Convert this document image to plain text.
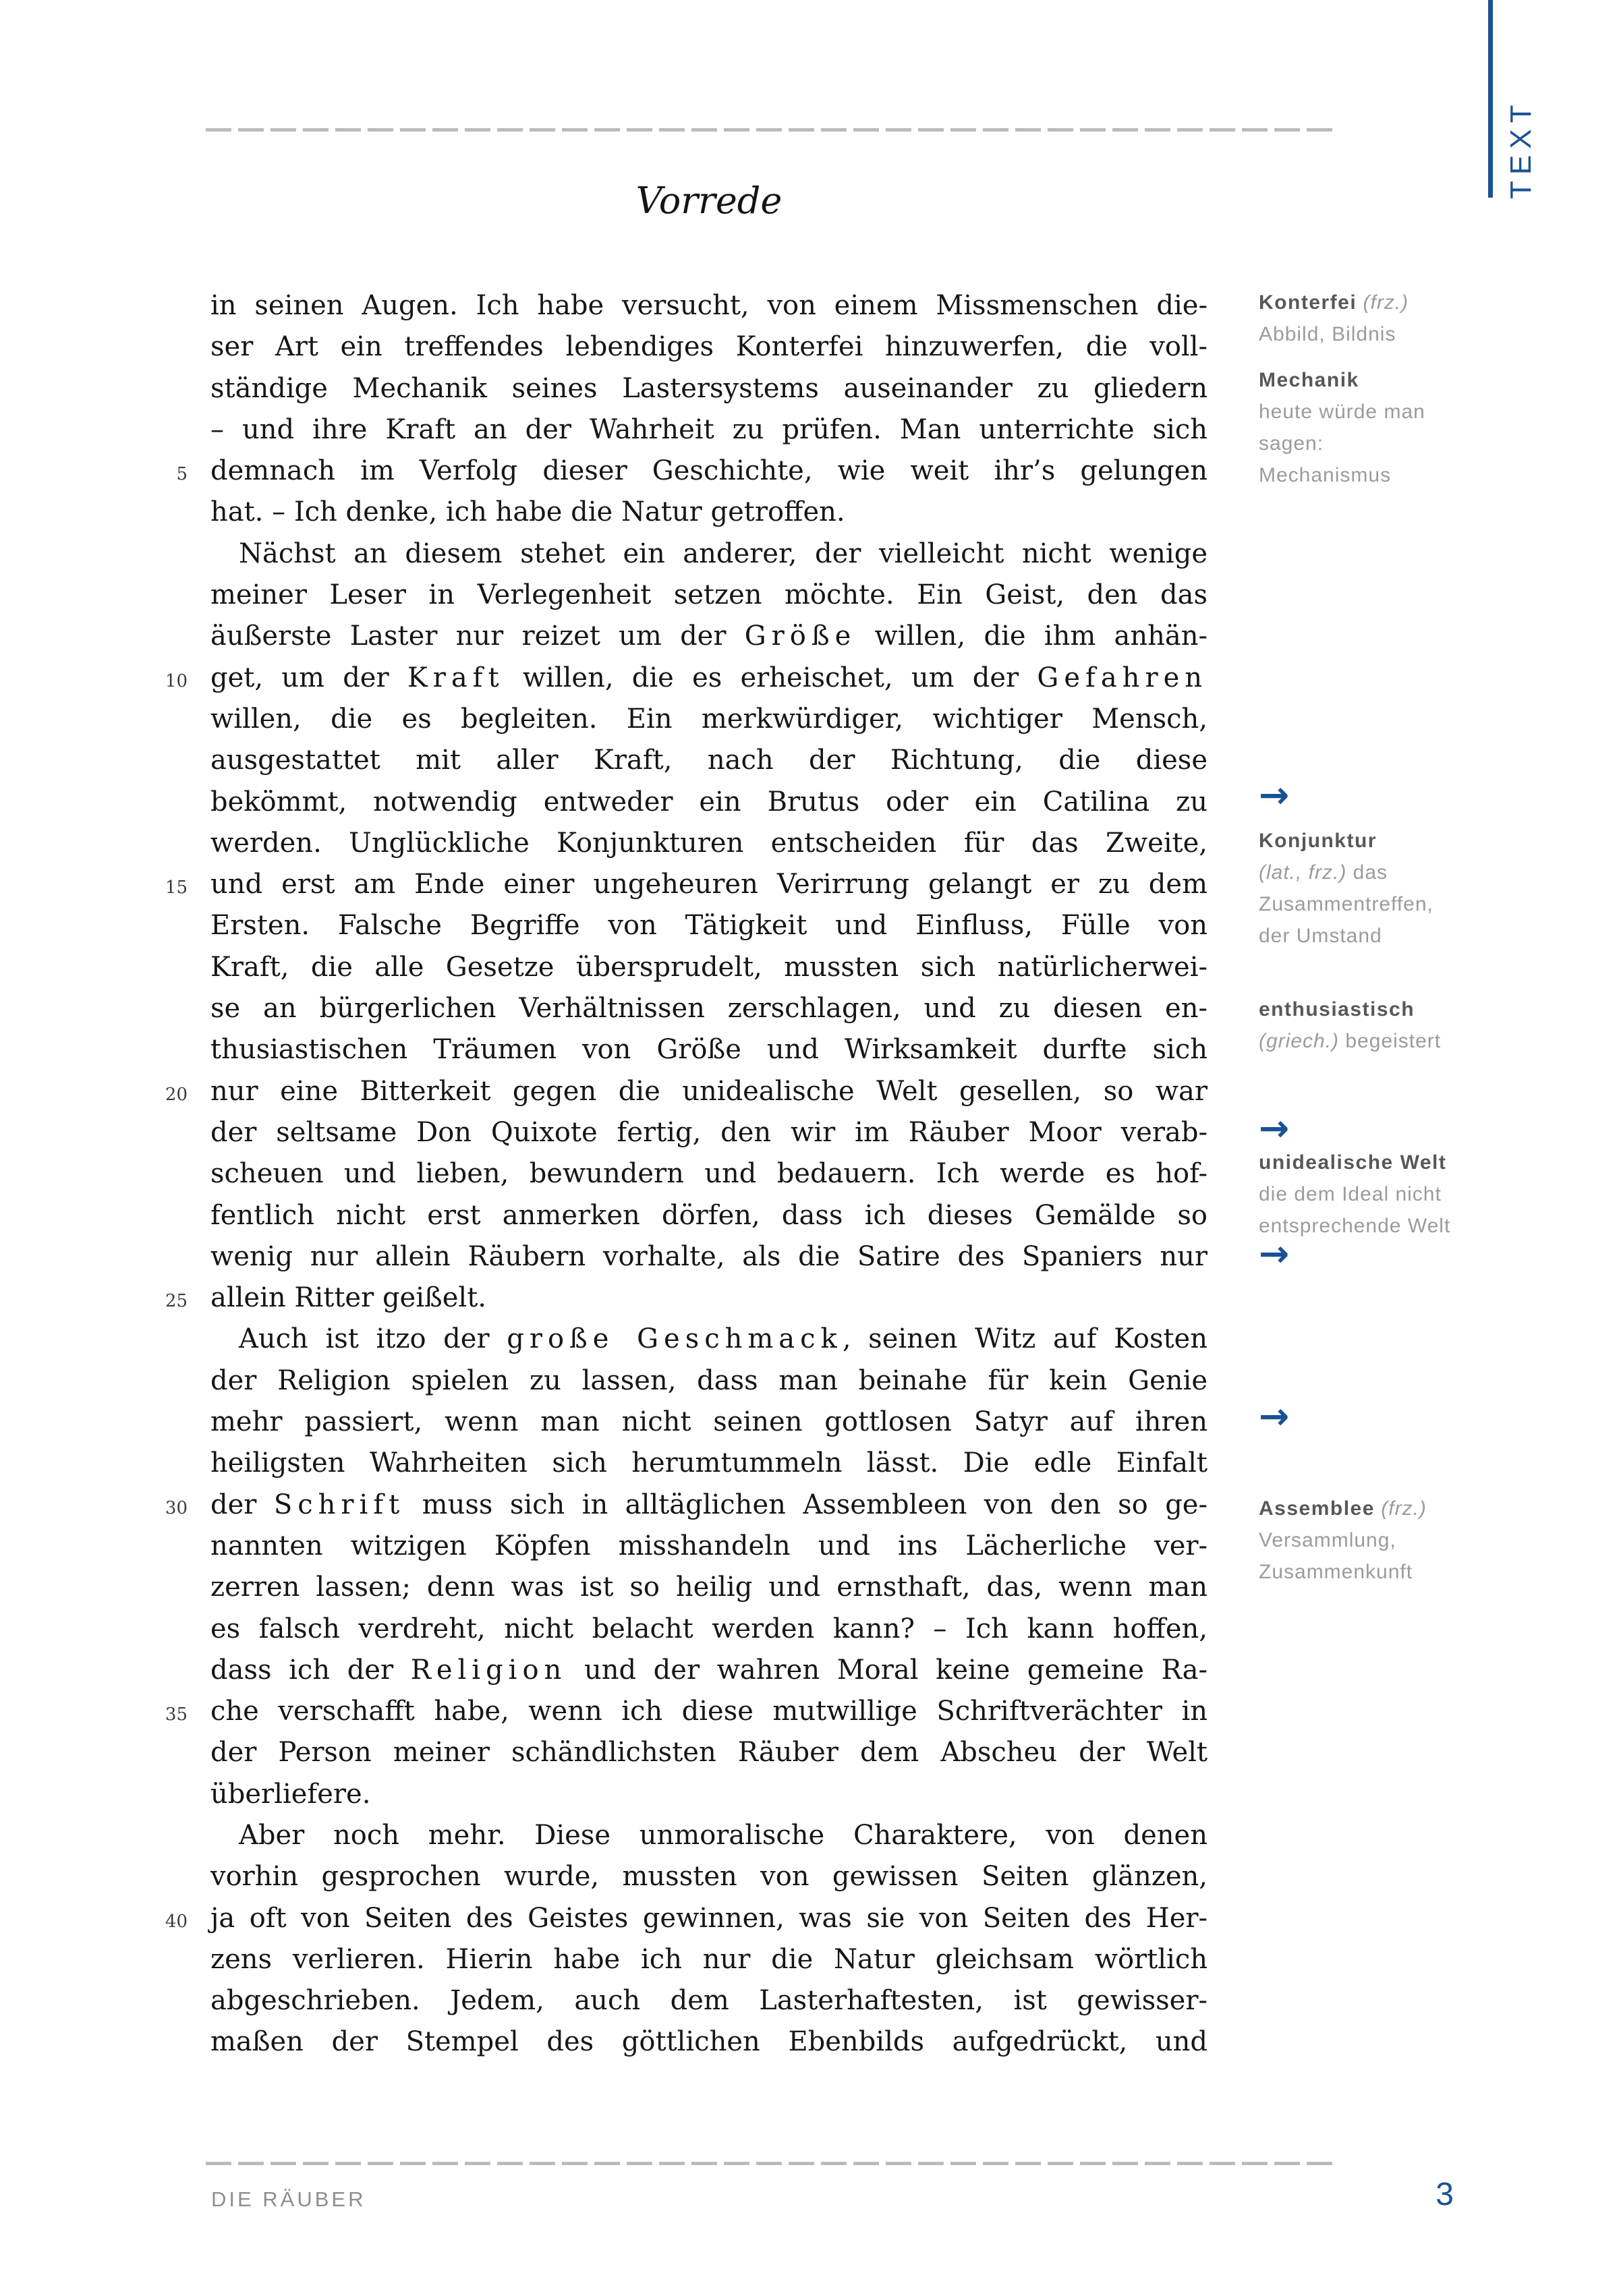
Vorrede
TEXT
5
10
15
20
25
30
35
40
in seinen Augen. Ich habe versucht, von einem Missmenschen die-
ser Art ein treffendes lebendiges Konterfei hinzuwerfen, die voll-
ständige Mechanik seines Lastersystems auseinander zu gliedern
– und ihre Kraft an der Wahrheit zu prüfen. Man unterrichte sich
demnach im Verfolg dieser Geschichte, wie weit ihr’s gelungen
hat. – Ich denke, ich habe die Natur getroffen.
Nächst an diesem stehet ein anderer, der vielleicht nicht wenige
meiner Leser in Verlegenheit setzen möchte. Ein Geist, den das
äußerste Laster nur reizet um der Größe willen, die ihm anhän-
get, um der Kraft willen, die es erheischet, um der Gefahren
willen, die es begleiten. Ein merkwürdiger, wichtiger Mensch,
ausgestattet mit aller Kraft, nach der Richtung, die diese
bekömmt, notwendig entweder ein Brutus oder ein Catilina zu
werden. Unglückliche Konjunkturen entscheiden für das Zweite,
und erst am Ende einer ungeheuren Verirrung gelangt er zu dem
Ersten. Falsche Begriffe von Tätigkeit und Einfluss, Fülle von
Kraft, die alle Gesetze übersprudelt, mussten sich natürlicherwei-
se an bürgerlichen Verhältnissen zerschlagen, und zu diesen en-
thusiastischen Träumen von Größe und Wirksamkeit durfte sich
nur eine Bitterkeit gegen die unidealische Welt gesellen, so war
der seltsame Don Quixote fertig, den wir im Räuber Moor verab-
scheuen und lieben, bewundern und bedauern. Ich werde es hof-
fentlich nicht erst anmerken dörfen, dass ich dieses Gemälde so
wenig nur allein Räubern vorhalte, als die Satire des Spaniers nur
allein Ritter geißelt.
Auch ist itzo der große Geschmack, seinen Witz auf Kosten
der Religion spielen zu lassen, dass man beinahe für kein Genie
mehr passiert, wenn man nicht seinen gottlosen Satyr auf ihren
heiligsten Wahrheiten sich herumtummeln lässt. Die edle Einfalt
der Schrift muss sich in alltäglichen Assembleen von den so ge-
nannten witzigen Köpfen misshandeln und ins Lächerliche ver-
zerren lassen; denn was ist so heilig und ernsthaft, das, wenn man
es falsch verdreht, nicht belacht werden kann? – Ich kann hoffen,
dass ich der Religion und der wahren Moral keine gemeine Ra-
che verschafft habe, wenn ich diese mutwillige Schriftverächter in
der Person meiner schändlichsten Räuber dem Abscheu der Welt
überliefere.
Aber noch mehr. Diese unmoralische Charaktere, von denen
vorhin gesprochen wurde, mussten von gewissen Seiten glänzen,
ja oft von Seiten des Geistes gewinnen, was sie von Seiten des Her-
zens verlieren. Hierin habe ich nur die Natur gleichsam wörtlich
abgeschrieben. Jedem, auch dem Lasterhaftesten, ist gewisser-
maßen der Stempel des göttlichen Ebenbilds aufgedrückt, und

Konterfei (frz.)

Abbild, Bildnis

Mechanik

heute würde man

sagen:

Mechanismus

→

Konjunktur

(lat., frz.) das

Zusammentreffen,

der Umstand

enthusiastisch

(griech.) begeistert

→

unidealische Welt

die dem Ideal nicht

entsprechende Welt

→
→

Assemblee (frz.)

Versammlung,

Zusammenkunft

DIE RÄUBER	3
